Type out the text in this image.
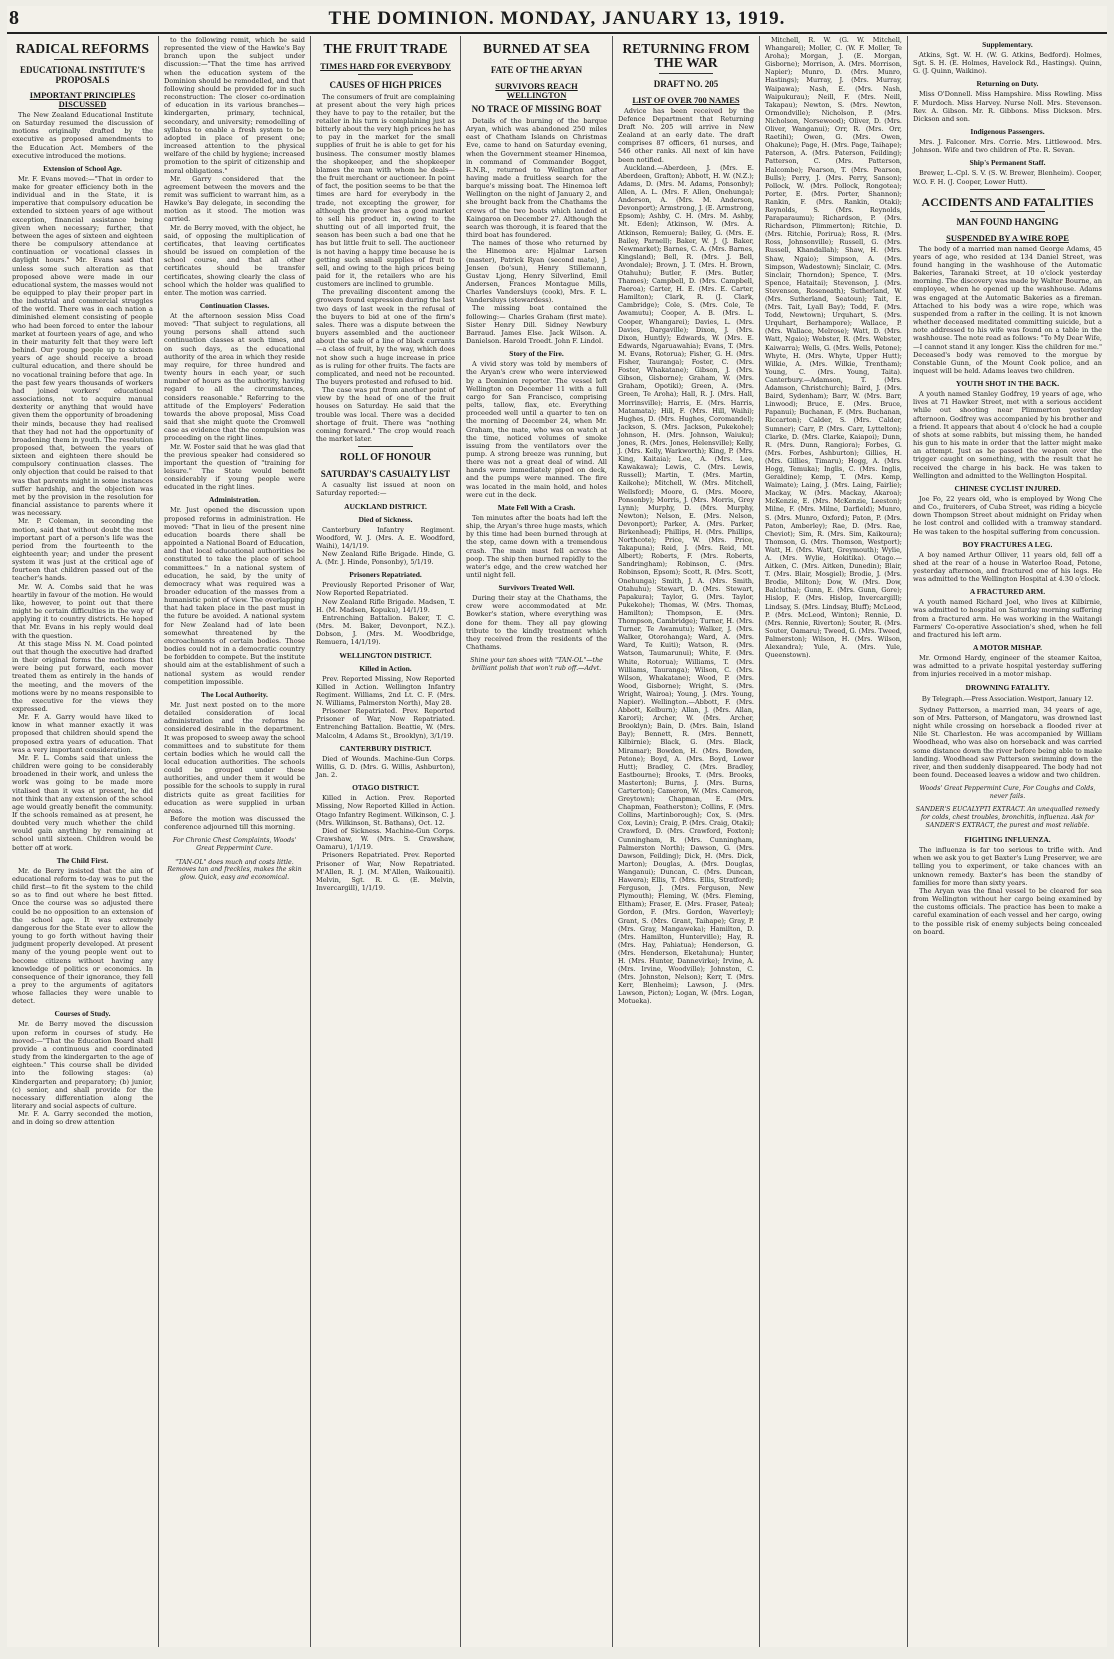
8	THE DOMINION. MONDAY, JANUARY 13, 1919.
RADICAL REFORMS
EDUCATIONAL INSTITUTE'S PROPOSALS
IMPORTANT PRINCIPLES DISCUSSED

The New Zealand Educational Institute on Saturday resumed the discussion of motions originally drafted by the executive as proposed amendments to the Education Act. Members of the executive introduced the motions.

Extension of School Age.

Mr. F. Evans moved:—"That in order to make for greater efficiency both in the individual and in the State, it is imperative that compulsory education be extended to sixteen years of age without exception, financial assistance being given when necessary; further, that between the ages of sixteen and eighteen there be compulsory attendance at continuation or vocational classes in daylight hours." Mr. Evans said that unless some such alteration as that proposed above were made in our educational system, the masses would not be equipped to play their proper part in the industrial and commercial struggles of the world. There was in each nation a diminished element consisting of people who had been forced to enter the labour market at fourteen years of age, and who in their maturity felt that they were left behind. Our young people up to sixteen years of age should receive a broad cultural education, and there should be no vocational training before that age. In the past few years thousands of workers had joined workers' educational associations, not to acquire manual dexterity or anything that would have given them the opportunity of broadening their minds, because they had realised that they had not had the opportunity of broadening them in youth. The resolution proposed that, between the years of sixteen and eighteen there should be compulsory continuation classes. The only objection that could be raised to that was that parents might in some instances suffer hardship, and the objection was met by the provision in the resolution for financial assistance to parents where it was necessary.

Mr. P. Coleman, in seconding the motion, said that without doubt the most important part of a person's life was the period from the fourteenth to the eighteenth year; and under the present system it was just at the critical age of fourteen that children passed out of the teacher's hands.

Mr. W. A. Combs said that he was heartily in favour of the motion. He would like, however, to point out that there might be certain difficulties in the way of applying it to country districts. He hoped that Mr. Evans in his reply would deal with the question.

At this stage Miss N. M. Coad pointed out that though the executive had drafted in their original forms the motions that were being put forward, each mover treated them as entirely in the hands of the meeting, and the movers of the motions were by no means responsible to the executive for the views they expressed.

Mr. F. A. Garry would have liked to know in what manner exactly it was proposed that children should spend the proposed extra years of education. That was a very important consideration.

Mr. F. L. Combs said that unless the children were going to be considerably broadened in their work, and unless the work was going to be made more vitalised than it was at present, he did not think that any extension of the school age would greatly benefit the community. If the schools remained as at present, he doubted very much whether the child would gain anything by remaining at school until sixteen. Children would be better off at work.

The Child First.

Mr. de Berry insisted that the aim of educational reform to-day was to put the child first—to fit the system to the child so as to find out where he best fitted. Once the course was so adjusted there could be no opposition to an extension of the school age. It was extremely dangerous for the State ever to allow the young to go forth without having their judgment properly developed. At present many of the young people went out to become citizens without having any knowledge of politics or economics. In consequence of their ignorance, they fell a prey to the arguments of agitators whose fallacies they were unable to detect.

Courses of Study.

Mr. de Berry moved the discussion upon reform in courses of study. He moved:—"That the Education Board shall provide a continuous and coordinated study from the kindergarten to the age of eighteen." This course shall be divided into the following stages: (a) Kindergarten and preparatory; (b) junior, (c) senior, and shall provide for the necessary differentiation along the literary and social aspects of culture.

Mr. F. A. Garry seconded the motion, and in doing so drew attention

to the following remit, which he said represented the view of the Hawke's Bay branch upon the subject under discussion:—"That the time has arrived when the education system of the Dominion should be remodelled, and that following should be provided for in such reconstruction: The closer co-ordination of education in its various branches—kindergarten, primary, technical, secondary, and university; remodelling of syllabus to enable a fresh system to be adopted in place of present one; increased attention to the physical welfare of the child by hygiene; increased promotion to the spirit of citizenship and moral obligations."

Mr. Garry considered that the agreement between the movers and the remit was sufficient to warrant him, as a Hawke's Bay delegate, in seconding the motion as it stood. The motion was carried.

Mr. de Berry moved, with the object, he said, of opposing the multiplication of certificates, that leaving certificates should be issued on completion of the school course, and that all other certificates should be transfer certificates, showing clearly the class of school which the holder was qualified to enter. The motion was carried.

Continuation Classes.

At the afternoon session Miss Coad moved: "That subject to regulations, all young persons shall attend such continuation classes at such times, and on such days, as the educational authority of the area in which they reside may require, for three hundred and twenty hours in each year, or such number of hours as the authority, having regard to all the circumstances, considers reasonable." Referring to the attitude of the Employers' Federation towards the above proposal, Miss Coad said that she might quote the Cromwell case as evidence that the compulsion was proceeding on the right lines.

Mr. W. Foster said that he was glad that the previous speaker had considered so important the question of "training for leisure." The State would benefit considerably if young people were educated in the right lines.

Administration.

Mr. Just opened the discussion upon proposed reforms in administration. He moved: "That in lieu of the present nine education boards there shall be appointed a National Board of Education, and that local educational authorities be constituted to take the place of school committees." In a national system of education, he said, by the unity of democracy what was required was a broader education of the masses from a humanistic point of view. The overlapping that had taken place in the past must in the future be avoided. A national system for New Zealand had of late been somewhat threatened by the encroachments of certain bodies. Those bodies could not in a democratic country be forbidden to compete. But the institute should aim at the establishment of such a national system as would render competition impossible.

The Local Authority.

Mr. Just next posted on to the more detailed consideration of local administration and the reforms he considered desirable in the department. It was proposed to sweep away the school committees and to substitute for them certain bodies which he would call the local education authorities. The schools could be grouped under these authorities, and under them it would be possible for the schools to supply in rural districts quite as great facilities for education as were supplied in urban areas.

Before the motion was discussed the conference adjourned till this morning.

For Chronic Chest Complaints, Woods' Great Peppermint Cure.
"TAN-OL" does much and costs little. Removes tan and freckles, makes the skin glow. Quick, easy and economical.
THE FRUIT TRADE
TIMES HARD FOR EVERYBODY
CAUSES OF HIGH PRICES

The consumers of fruit are complaining at present about the very high prices they have to pay to the retailer, but the retailer in his turn is complaining just as bitterly about the very high prices he has to pay in the market for the small supplies of fruit he is able to get for his business. The consumer mostly blames the shopkeeper, and the shopkeeper blames the man with whom he deals—the fruit merchant or auctioneer. In point of fact, the position seems to be that the times are hard for everybody in the trade, not excepting the grower, for although the grower has a good market to sell his product in, owing to the shutting out of all imported fruit, the season has been such a bad one that he has but little fruit to sell. The auctioneer is not having a happy time because he is getting such small supplies of fruit to sell, and owing to the high prices being paid for it, the retailers who are his customers are inclined to grumble.

The prevailing discontent among the growers found expression during the last two days of last week in the refusal of the buyers to bid at one of the firm's sales. There was a dispute between the buyers assembled and the auctioneer about the sale of a line of black currants—a class of fruit, by the way, which does not show such a huge increase in price as is ruling for other fruits. The facts are complicated, and need not be recounted. The buyers protested and refused to bid.

The case was put from another point of view by the head of one of the fruit houses on Saturday. He said that the trouble was local. There was a decided shortage of fruit. There was "nothing coming forward." The crop would reach the market later.

ROLL OF HONOUR
SATURDAY'S CASUALTY LIST

A casualty list issued at noon on Saturday reported:—

AUCKLAND DISTRICT.
Died of Sickness.

Canterbury Infantry Regiment. Woodford, W. J. (Mrs. A. E. Woodford, Waihi), 14/1/19.

New Zealand Rifle Brigade. Hinde, G. A. (Mr. J. Hinde, Ponsonby), 5/1/19.

Prisoners Repatriated.

Previously Reported Prisoner of War, Now Reported Repatriated.

New Zealand Rifle Brigade. Madsen, T. H. (M. Madsen, Kopuku), 14/1/19.

Entrenching Battalion. Baker, T. C. (Mrs. M. Baker, Devonport, N.Z.). Dobson, J. (Mrs. M. Woodbridge, Remuera, 14/1/19).

WELLINGTON DISTRICT.
Killed in Action.

Prev. Reported Missing, Now Reported Killed in Action. Wellington Infantry Regiment. Williams, 2nd Lt. C. F. (Mrs. N. Williams, Palmerston North), May 28.

Prisoner Repatriated. Prev. Reported Prisoner of War, Now Repatriated. Entrenching Battalion. Beattie, W. (Mrs. Malcolm, 4 Adams St., Brooklyn), 3/1/19.

CANTERBURY DISTRICT.

Died of Wounds. Machine-Gun Corps. Willis, G. D. (Mrs. G. Willis, Ashburton), Jan. 2.

OTAGO DISTRICT.

Killed in Action. Prev. Reported Missing, Now Reported Killed in Action. Otago Infantry Regiment. Wilkinson, C. J. (Mrs. Wilkinson, St. Bathans), Oct. 12.

Died of Sickness. Machine-Gun Corps. Crawshaw, W. (Mrs. S. Crawshaw, Oamaru), 1/1/19.

Prisoners Repatriated. Prev. Reported Prisoner of War, Now Repatriated. M'Allen, R. J. (M. M'Allen, Waikouaiti). Melvin, Sgt. R. G. (E. Melvin, Invercargill), 1/1/19.

BURNED AT SEA
FATE OF THE ARYAN
SURVIVORS REACH WELLINGTON
NO TRACE OF MISSING BOAT

Details of the burning of the barque Aryan, which was abandoned 250 miles east of Chatham Islands on Christmas Eve, came to hand on Saturday evening, when the Government steamer Hinemoa, in command of Commander Bogget, R.N.R., returned to Wellington after having made a fruitless search for the barque's missing boat. The Hinemoa left Wellington on the night of January 2, and she brought back from the Chathams the crews of the two boats which landed at Kaingaroa on December 27. Although the search was thorough, it is feared that the third boat has foundered.

The names of those who returned by the Hinemoa are: Hjalmar Larsen (master), Patrick Ryan (second mate), J. Jensen (bo'sun), Henry Stillemann, Gustav Ljong, Henry Silverlind, Emil Andersen, Frances Montague Mills, Charles Vandersluys (cook), Mrs. F. L. Vandersluys (stewardess).

The missing boat contained the following:— Charles Graham (first mate). Sister Henry Dill. Sidney Newbury Barraud. James Else. Jack Wilson. A. Danielson. Harold Troedt. John F. Lindol.

Story of the Fire.

A vivid story was told by members of the Aryan's crew who were interviewed by a Dominion reporter. The vessel left Wellington on December 11 with a full cargo for San Francisco, comprising pelts, tallow, flax, etc. Everything proceeded well until a quarter to ten on the morning of December 24, when Mr. Graham, the mate, who was on watch at the time, noticed volumes of smoke issuing from the ventilators over the pump. A strong breeze was running, but there was not a great deal of wind. All hands were immediately piped on deck, and the pumps were manned. The fire was located in the main hold, and holes were cut in the deck.

Mate Fell With a Crash.

Ten minutes after the boats had left the ship, the Aryan's three huge masts, which by this time had been burned through at the step, came down with a tremendous crash. The main mast fell across the poop. The ship then burned rapidly to the water's edge, and the crew watched her until night fell.

Survivors Treated Well.

During their stay at the Chathams, the crew were accommodated at Mr. Bowker's station, where everything was done for them. They all pay glowing tribute to the kindly treatment which they received from the residents of the Chathams.

Shine your tan shoes with "TAN-OL"—the brilliant polish that won't rub off.—Advt.
RETURNING FROM THE WAR
DRAFT NO. 205
LIST OF OVER 700 NAMES

Advice has been received by the Defence Department that Returning Draft No. 205 will arrive in New Zealand at an early date. The draft comprises 87 officers, 61 nurses, and 546 other ranks. All next of kin have been notified.

Auckland.—Aberdeen, J. (Mrs. E. Aberdeen, Grafton); Abbott, H. W. (N.Z.); Adams, D. (Mrs. M. Adams, Ponsonby); Allen, A. L. (Mrs. F. Allen, Onehunga); Anderson, A. (Mrs. M. Anderson, Devonport); Armstrong, J. (E. Armstrong, Epsom); Ashby, C. H. (Mrs. M. Ashby, Mt. Eden); Atkinson, W. (Mrs. A. Atkinson, Remuera); Bailey, G. (Mrs. E. Bailey, Parnell); Baker, W. J. (J. Baker, Newmarket); Barnes, C. A. (Mrs. Barnes, Kingsland); Bell, R. (Mrs. J. Bell, Avondale); Brown, J. T. (Mrs. H. Brown, Otahuhu); Butler, F. (Mrs. Butler, Thames); Campbell, D. (Mrs. Campbell, Paeroa); Carter, H. E. (Mrs. E. Carter, Hamilton); Clark, R. (J. Clark, Cambridge); Cole, S. (Mrs. Cole, Te Awamutu); Cooper, A. B. (Mrs. L. Cooper, Whangarei); Davies, L. (Mrs. Davies, Dargaville); Dixon, J. (Mrs. Dixon, Huntly); Edwards, W. (Mrs. E. Edwards, Ngaruawahia); Evans, T. (Mrs. M. Evans, Rotorua); Fisher, G. H. (Mrs. Fisher, Tauranga); Foster, C. (Mrs. Foster, Whakatane); Gibson, J. (Mrs. Gibson, Gisborne); Graham, W. (Mrs. Graham, Opotiki); Green, A. (Mrs. Green, Te Aroha); Hall, R. J. (Mrs. Hall, Morrinsville); Harris, E. (Mrs. Harris, Matamata); Hill, F. (Mrs. Hill, Waihi); Hughes, D. (Mrs. Hughes, Coromandel); Jackson, S. (Mrs. Jackson, Pukekohe); Johnson, H. (Mrs. Johnson, Waiuku); Jones, R. (Mrs. Jones, Helensville); Kelly, J. (Mrs. Kelly, Warkworth); King, P. (Mrs. King, Kaitaia); Lee, A. (Mrs. Lee, Kawakawa); Lewis, C. (Mrs. Lewis, Russell); Martin, T. (Mrs. Martin, Kaikohe); Mitchell, W. (Mrs. Mitchell, Wellsford); Moore, G. (Mrs. Moore, Ponsonby); Morris, J. (Mrs. Morris, Grey Lynn); Murphy, D. (Mrs. Murphy, Newton); Nelson, E. (Mrs. Nelson, Devonport); Parker, A. (Mrs. Parker, Birkenhead); Phillips, H. (Mrs. Phillips, Northcote); Price, W. (Mrs. Price, Takapuna); Reid, J. (Mrs. Reid, Mt. Albert); Roberts, F. (Mrs. Roberts, Sandringham); Robinson, C. (Mrs. Robinson, Epsom); Scott, R. (Mrs. Scott, Onehunga); Smith, J. A. (Mrs. Smith, Otahuhu); Stewart, D. (Mrs. Stewart, Papakura); Taylor, G. (Mrs. Taylor, Pukekohe); Thomas, W. (Mrs. Thomas, Hamilton); Thompson, E. (Mrs. Thompson, Cambridge); Turner, H. (Mrs. Turner, Te Awamutu); Walker, J. (Mrs. Walker, Otorohanga); Ward, A. (Mrs. Ward, Te Kuiti); Watson, R. (Mrs. Watson, Taumarunui); White, F. (Mrs. White, Rotorua); Williams, T. (Mrs. Williams, Tauranga); Wilson, C. (Mrs. Wilson, Whakatane); Wood, P. (Mrs. Wood, Gisborne); Wright, S. (Mrs. Wright, Wairoa); Young, J. (Mrs. Young, Napier). Wellington.—Abbott, F. (Mrs. Abbott, Kelburn); Allan, J. (Mrs. Allan, Karori); Archer, W. (Mrs. Archer, Brooklyn); Bain, D. (Mrs. Bain, Island Bay); Bennett, R. (Mrs. Bennett, Kilbirnie); Black, G. (Mrs. Black, Miramar); Bowden, H. (Mrs. Bowden, Petone); Boyd, A. (Mrs. Boyd, Lower Hutt); Bradley, C. (Mrs. Bradley, Eastbourne); Brooks, T. (Mrs. Brooks, Masterton); Burns, J. (Mrs. Burns, Carterton); Cameron, W. (Mrs. Cameron, Greytown); Chapman, E. (Mrs. Chapman, Featherston); Collins, F. (Mrs. Collins, Martinborough); Cox, S. (Mrs. Cox, Levin); Craig, P. (Mrs. Craig, Otaki); Crawford, D. (Mrs. Crawford, Foxton); Cunningham, R. (Mrs. Cunningham, Palmerston North); Dawson, G. (Mrs. Dawson, Feilding); Dick, H. (Mrs. Dick, Marton); Douglas, A. (Mrs. Douglas, Wanganui); Duncan, C. (Mrs. Duncan, Hawera); Ellis, T. (Mrs. Ellis, Stratford); Ferguson, J. (Mrs. Ferguson, New Plymouth); Fleming, W. (Mrs. Fleming, Eltham); Fraser, E. (Mrs. Fraser, Patea); Gordon, F. (Mrs. Gordon, Waverley); Grant, S. (Mrs. Grant, Taihape); Gray, P. (Mrs. Gray, Mangaweka); Hamilton, D. (Mrs. Hamilton, Hunterville); Hay, R. (Mrs. Hay, Pahiatua); Henderson, G. (Mrs. Henderson, Eketahuna); Hunter, H. (Mrs. Hunter, Dannevirke); Irvine, A. (Mrs. Irvine, Woodville); Johnston, C. (Mrs. Johnston, Nelson); Kerr, T. (Mrs. Kerr, Blenheim); Lawson, J. (Mrs. Lawson, Picton); Logan, W. (Mrs. Logan, Motueka).

Mitchell, R. W. (G. W. Mitchell, Whangarei); Moller, C. (W. F. Moller, Te Aroha); Morgan, J. (E. Morgan, Gisborne); Morrison, A. (Mrs. Morrison, Napier); Munro, D. (Mrs. Munro, Hastings); Murray, J. (Mrs. Murray, Waipawa); Nash, E. (Mrs. Nash, Waipukurau); Neill, F. (Mrs. Neill, Takapau); Newton, S. (Mrs. Newton, Ormondville); Nicholson, P. (Mrs. Nicholson, Norsewood); Oliver, D. (Mrs. Oliver, Wanganui); Orr, R. (Mrs. Orr, Raetihi); Owen, G. (Mrs. Owen, Ohakune); Page, H. (Mrs. Page, Taihape); Paterson, A. (Mrs. Paterson, Feilding); Patterson, C. (Mrs. Patterson, Halcombe); Pearson, T. (Mrs. Pearson, Bulls); Perry, J. (Mrs. Perry, Sanson); Pollock, W. (Mrs. Pollock, Rongotea); Porter, E. (Mrs. Porter, Shannon); Rankin, F. (Mrs. Rankin, Otaki); Reynolds, S. (Mrs. Reynolds, Paraparaumu); Richardson, P. (Mrs. Richardson, Plimmerton); Ritchie, D. (Mrs. Ritchie, Porirua); Ross, R. (Mrs. Ross, Johnsonville); Russell, G. (Mrs. Russell, Khandallah); Shaw, H. (Mrs. Shaw, Ngaio); Simpson, A. (Mrs. Simpson, Wadestown); Sinclair, C. (Mrs. Sinclair, Thorndon); Spence, T. (Mrs. Spence, Hataitai); Stevenson, J. (Mrs. Stevenson, Roseneath); Sutherland, W. (Mrs. Sutherland, Seatoun); Tait, E. (Mrs. Tait, Lyall Bay); Todd, F. (Mrs. Todd, Newtown); Urquhart, S. (Mrs. Urquhart, Berhampore); Wallace, P. (Mrs. Wallace, Melrose); Watt, D. (Mrs. Watt, Ngaio); Webster, R. (Mrs. Webster, Kaiwarra); Wells, G. (Mrs. Wells, Petone); Whyte, H. (Mrs. Whyte, Upper Hutt); Wilkie, A. (Mrs. Wilkie, Trentham); Young, C. (Mrs. Young, Taita). Canterbury.—Adamson, T. (Mrs. Adamson, Christchurch); Baird, J. (Mrs. Baird, Sydenham); Barr, W. (Mrs. Barr, Linwood); Bruce, E. (Mrs. Bruce, Papanui); Buchanan, F. (Mrs. Buchanan, Riccarton); Calder, S. (Mrs. Calder, Sumner); Carr, P. (Mrs. Carr, Lyttelton); Clarke, D. (Mrs. Clarke, Kaiapoi); Dunn, R. (Mrs. Dunn, Rangiora); Forbes, G. (Mrs. Forbes, Ashburton); Gillies, H. (Mrs. Gillies, Timaru); Hogg, A. (Mrs. Hogg, Temuka); Inglis, C. (Mrs. Inglis, Geraldine); Kemp, T. (Mrs. Kemp, Waimate); Laing, J. (Mrs. Laing, Fairlie); Mackay, W. (Mrs. Mackay, Akaroa); McKenzie, E. (Mrs. McKenzie, Leeston); Milne, F. (Mrs. Milne, Darfield); Munro, S. (Mrs. Munro, Oxford); Paton, P. (Mrs. Paton, Amberley); Rae, D. (Mrs. Rae, Cheviot); Sim, R. (Mrs. Sim, Kaikoura); Thomson, G. (Mrs. Thomson, Westport); Watt, H. (Mrs. Watt, Greymouth); Wylie, A. (Mrs. Wylie, Hokitika). Otago.—Aitken, C. (Mrs. Aitken, Dunedin); Blair, T. (Mrs. Blair, Mosgiel); Brodie, J. (Mrs. Brodie, Milton); Dow, W. (Mrs. Dow, Balclutha); Gunn, E. (Mrs. Gunn, Gore); Hislop, F. (Mrs. Hislop, Invercargill); Lindsay, S. (Mrs. Lindsay, Bluff); McLeod, P. (Mrs. McLeod, Winton); Rennie, D. (Mrs. Rennie, Riverton); Souter, R. (Mrs. Souter, Oamaru); Tweed, G. (Mrs. Tweed, Palmerston); Wilson, H. (Mrs. Wilson, Alexandra); Yule, A. (Mrs. Yule, Queenstown).

Supplementary.

Atkins, Sgt. W. H. (W. G. Atkins, Bedford). Holmes, Sgt. S. H. (E. Holmes, Havelock Rd., Hastings). Quinn, G. (J. Quinn, Waikino).

Returning on Duty.

Miss O'Donnell. Miss Hampshire. Miss Rowling. Miss F. Murdoch. Miss Harvey. Nurse Noll. Mrs. Stevenson. Rev. A. Gibson. Mr. R. Gibbons. Miss Dickson. Mrs. Dickson and son.

Indigenous Passengers.

Mrs. J. Falconer. Mrs. Corrie. Mrs. Littlewood. Mrs. Johnson. Wife and two children of Pte. R. Sevan.

Ship's Permanent Staff.

Brewer, L.-Cpl. S. V. (S. W. Brewer, Blenheim). Cooper, W.O. F. H. (J. Cooper, Lower Hutt).

ACCIDENTS AND FATALITIES
MAN FOUND HANGING
SUSPENDED BY A WIRE ROPE

The body of a married man named George Adams, 45 years of age, who resided at 134 Daniel Street, was found hanging in the washhouse of the Automatic Bakeries, Taranaki Street, at 10 o'clock yesterday morning. The discovery was made by Walter Bourne, an employee, when he opened up the washhouse. Adams was engaged at the Automatic Bakeries as a fireman. Attached to his body was a wire rope, which was suspended from a rafter in the ceiling. It is not known whether deceased meditated committing suicide, but a note addressed to his wife was found on a table in the washhouse. The note read as follows: "To My Dear Wife,—I cannot stand it any longer. Kiss the children for me." Deceased's body was removed to the morgue by Constable Gunn, of the Mount Cook police, and an inquest will be held. Adams leaves two children.

YOUTH SHOT IN THE BACK.

A youth named Stanley Godfrey, 19 years of age, who lives at 71 Hawker Street, met with a serious accident while out shooting near Plimmerton yesterday afternoon. Godfrey was accompanied by his brother and a friend. It appears that about 4 o'clock he had a couple of shots at some rabbits, but missing them, he handed his gun to his mate in order that the latter might make an attempt. Just as he passed the weapon over the trigger caught on something, with the result that he received the charge in his back. He was taken to Wellington and admitted to the Wellington Hospital.

CHINESE CYCLIST INJURED.

Joe Fo, 22 years old, who is employed by Wong Che and Co., fruiterers, of Cuba Street, was riding a bicycle down Thompson Street about midnight on Friday when he lost control and collided with a tramway standard. He was taken to the hospital suffering from concussion.

BOY FRACTURES A LEG.

A boy named Arthur Olliver, 11 years old, fell off a shed at the rear of a house in Waterloo Road, Petone, yesterday afternoon, and fractured one of his legs. He was admitted to the Wellington Hospital at 4.30 o'clock.

A FRACTURED ARM.

A youth named Richard Joel, who lives at Kilbirnie, was admitted to hospital on Saturday morning suffering from a fractured arm. He was working in the Waitangi Farmers' Co-operative Association's shed, when he fell and fractured his left arm.

A MOTOR MISHAP.

Mr. Ormond Hardy, engineer of the steamer Kaitoa, was admitted to a private hospital yesterday suffering from injuries received in a motor mishap.

DROWNING FATALITY.
By Telegraph.—Press Association. Westport, January 12.

Sydney Patterson, a married man, 34 years of age, son of Mrs. Patterson, of Mangatoru, was drowned last night while crossing on horseback a flooded river at Nile St. Charleston. He was accompanied by William Woodhead, who was also on horseback and was carried some distance down the river before being able to make landing. Woodhead saw Patterson swimming down the river, and then suddenly disappeared. The body had not been found. Deceased leaves a widow and two children.

Woods' Great Peppermint Cure, For Coughs and Colds, never fails.
SANDER'S EUCALYPTI EXTRACT. An unequalled remedy for colds, chest troubles, bronchitis, influenza. Ask for SANDER'S EXTRACT, the purest and most reliable.
FIGHTING INFLUENZA.

The influenza is far too serious to trifle with. And when we ask you to get Baxter's Lung Preserver, we are telling you to experiment, or take chances with an unknown remedy. Baxter's has been the standby of families for more than sixty years.

The Aryan was the final vessel to be cleared for sea from Wellington without her cargo being examined by the customs officials. The practice has been to make a careful examination of each vessel and her cargo, owing to the possible risk of enemy subjects being concealed on board.
